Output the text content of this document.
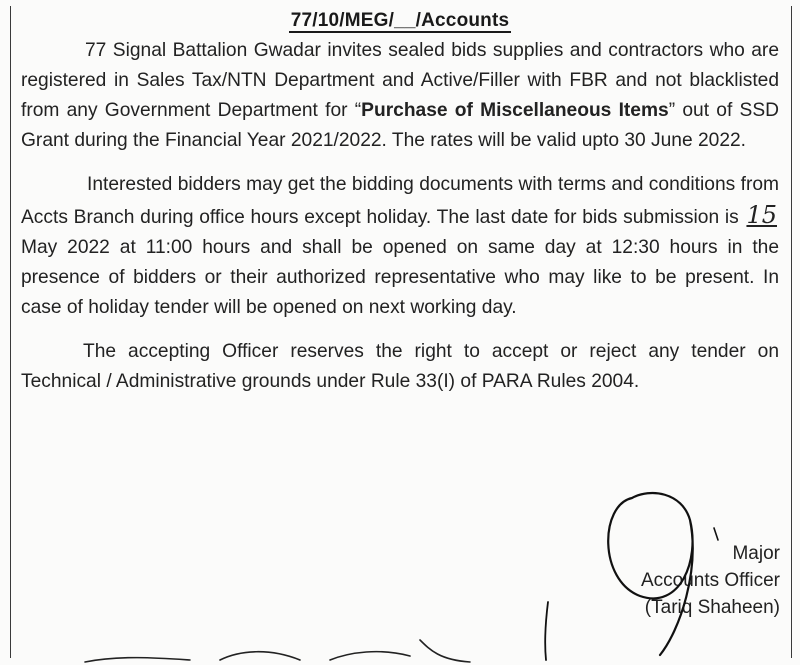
77/10/MEG/__/Accounts

77 Signal Battalion Gwadar invites sealed bids supplies and contractors who are registered in Sales Tax/NTN Department and Active/Filler with FBR and not blacklisted from any Government Department for “Purchase of Miscellaneous Items” out of SSD Grant during the Financial Year 2021/2022. The rates will be valid upto 30 June 2022.

Interested bidders may get the bidding documents with terms and conditions from Accts Branch during office hours except holiday. The last date for bids submission is 15 May 2022 at 11:00 hours and shall be opened on same day at 12:30 hours in the presence of bidders or their authorized representative who may like to be present. In case of holiday tender will be opened on next working day.

The accepting Officer reserves the right to accept or reject any tender on Technical / Administrative grounds under Rule 33(I) of PARA Rules 2004.

Major
Accounts Officer
(Tariq Shaheen)
